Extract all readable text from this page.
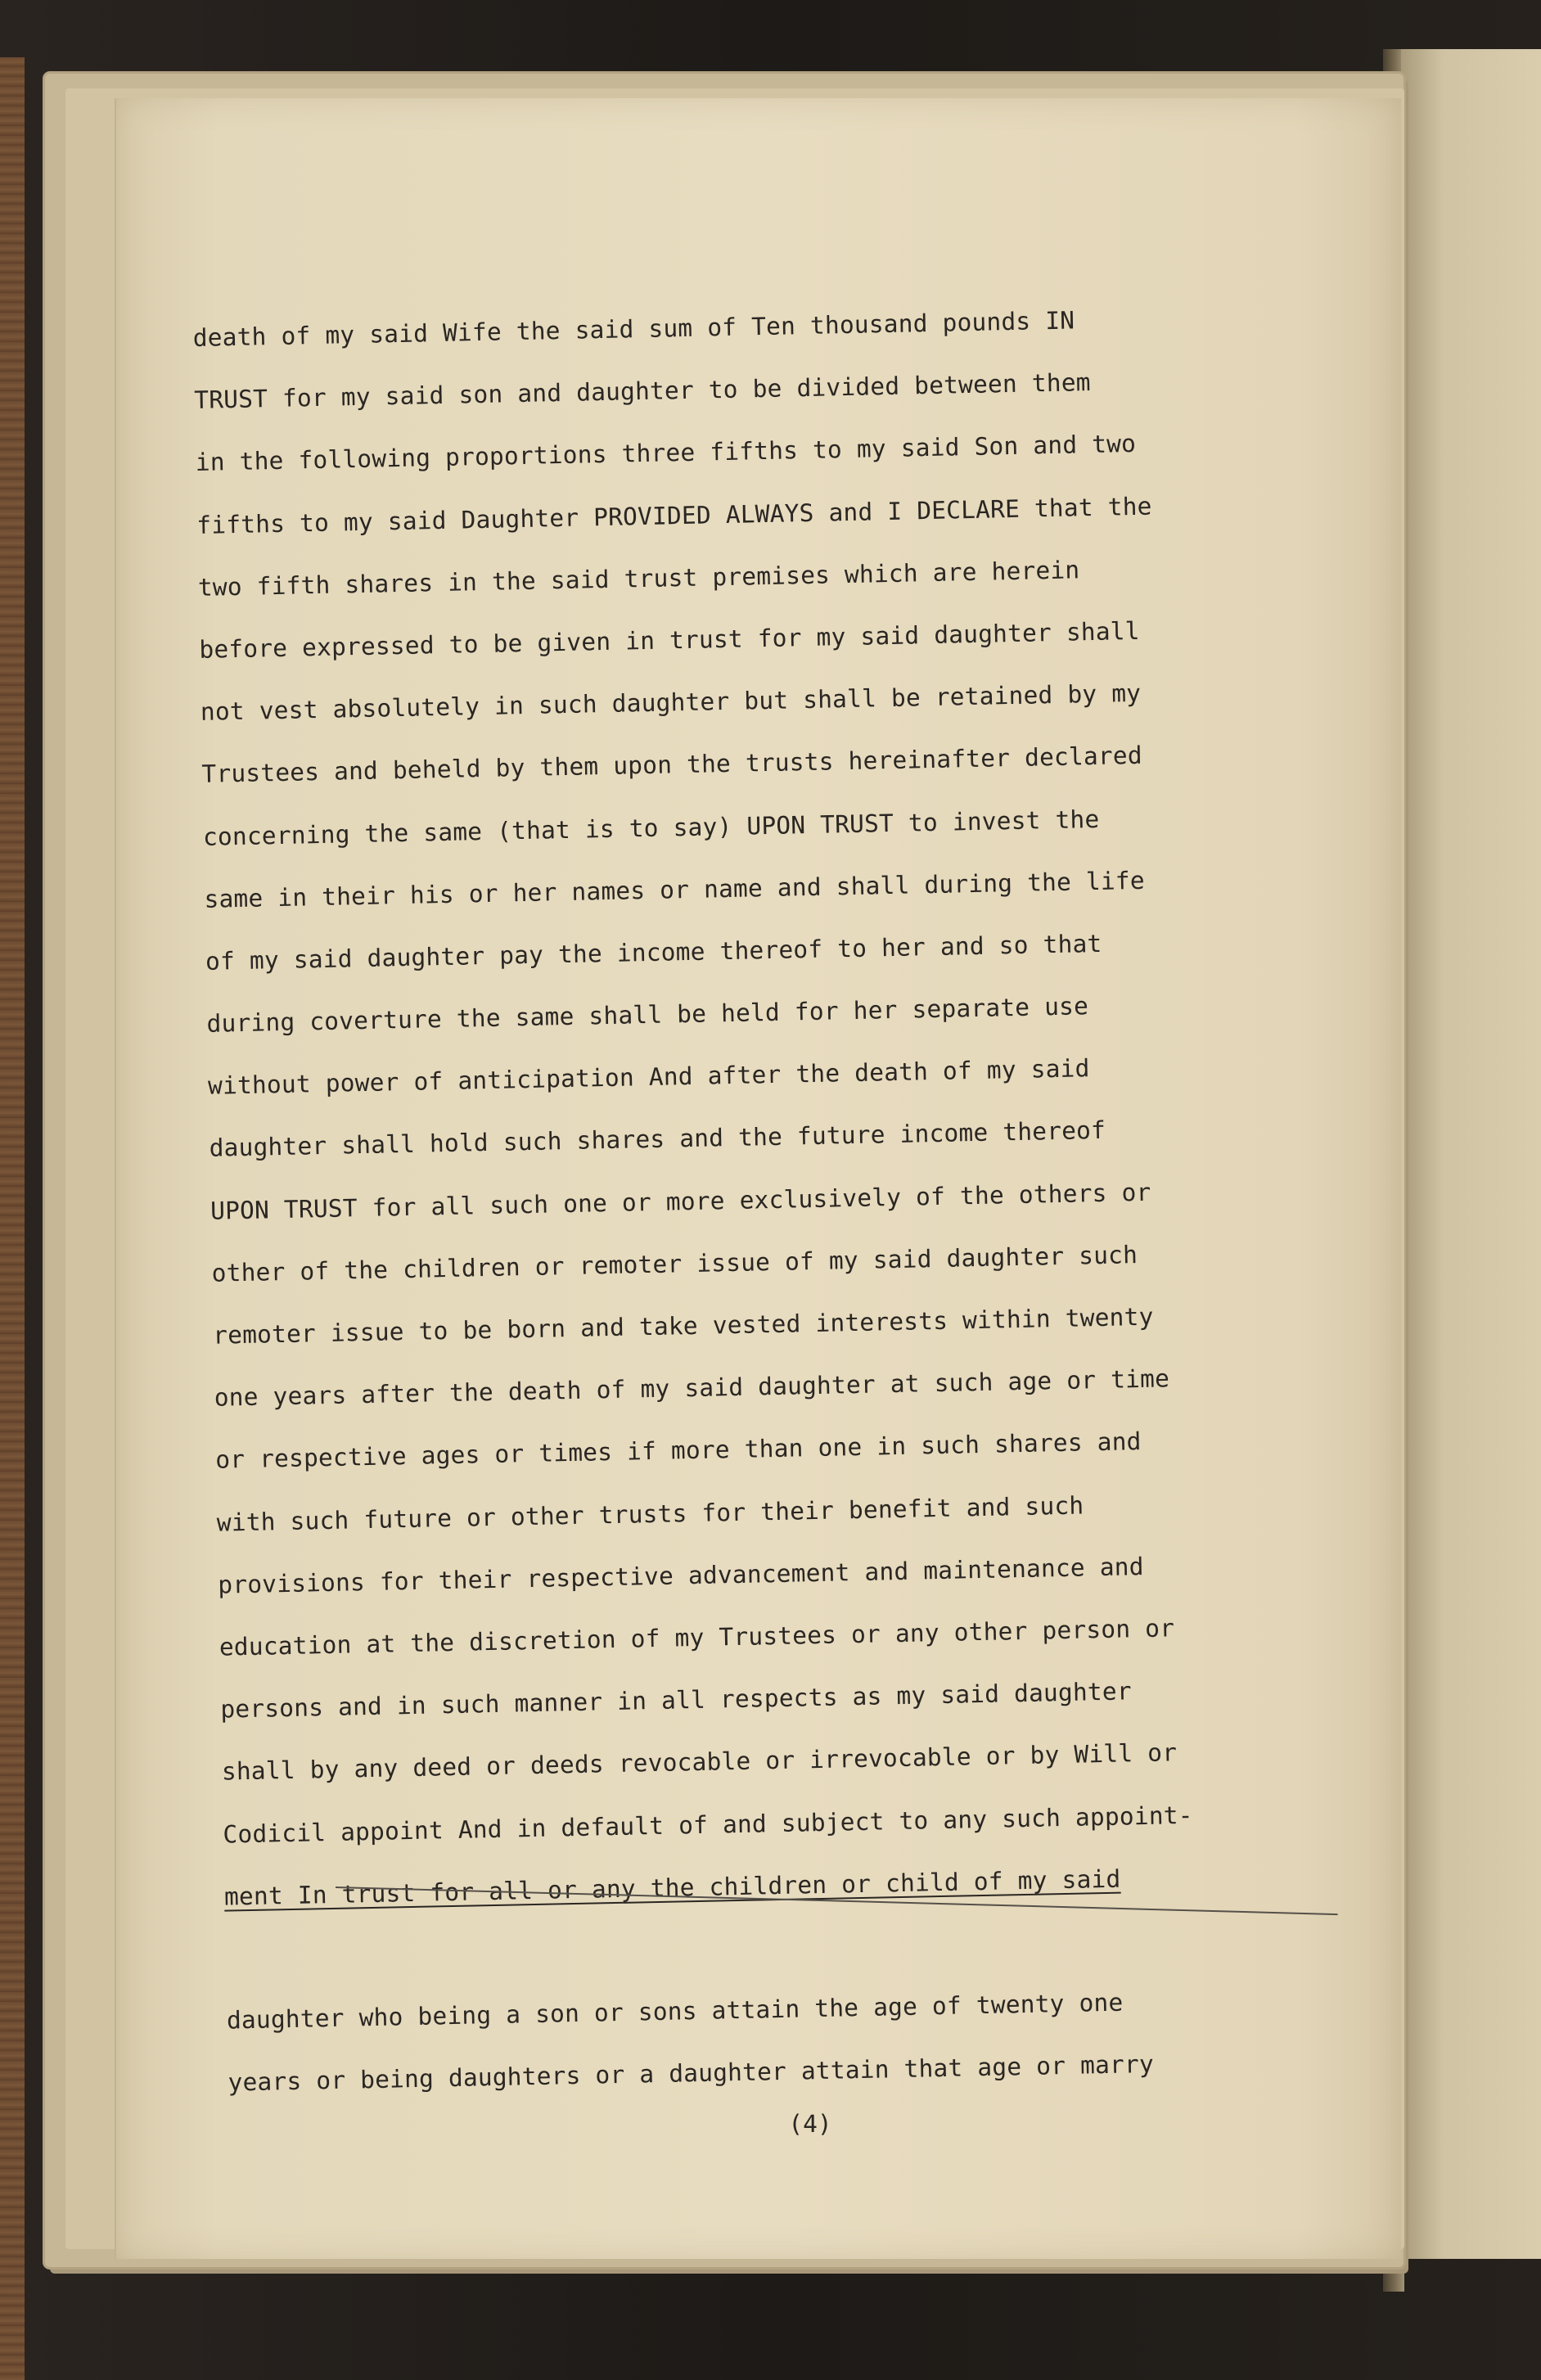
death of my said Wife the said sum of Ten thousand pounds IN
TRUST for my said son and daughter to be divided between them
in the following proportions three fifths to my said Son and two
fifths to my said Daughter PROVIDED ALWAYS and I DECLARE that the
two fifth shares in the said trust premises which are herein
before expressed to be given in trust for my said daughter shall
not vest absolutely in such daughter but shall be retained by my
Trustees and beheld by them upon the trusts hereinafter declared
concerning the same (that is to say) UPON TRUST to invest the
same in their his or her names or name and shall during the life
of my said daughter pay the income thereof to her and so that
during coverture the same shall be held for her separate use
without power of anticipation And after the death of my said
daughter shall hold such shares and the future income thereof
UPON TRUST for all such one or more exclusively of the others or
other of the children or remoter issue of my said daughter such
remoter issue to be born and take vested interests within twenty
one years after the death of my said daughter at such age or time
or respective ages or times if more than one in such shares and
with such future or other trusts for their benefit and such
provisions for their respective advancement and maintenance and
education at the discretion of my Trustees or any other person or
persons and in such manner in all respects as my said daughter
shall by any deed or deeds revocable or irrevocable or by Will or
Codicil appoint And in default of and subject to any such appoint-
ment In trust for all or any the children or child of my said
daughter who being a son or sons attain the age of twenty one
years or being daughters or a daughter attain that age or marry
(4)
